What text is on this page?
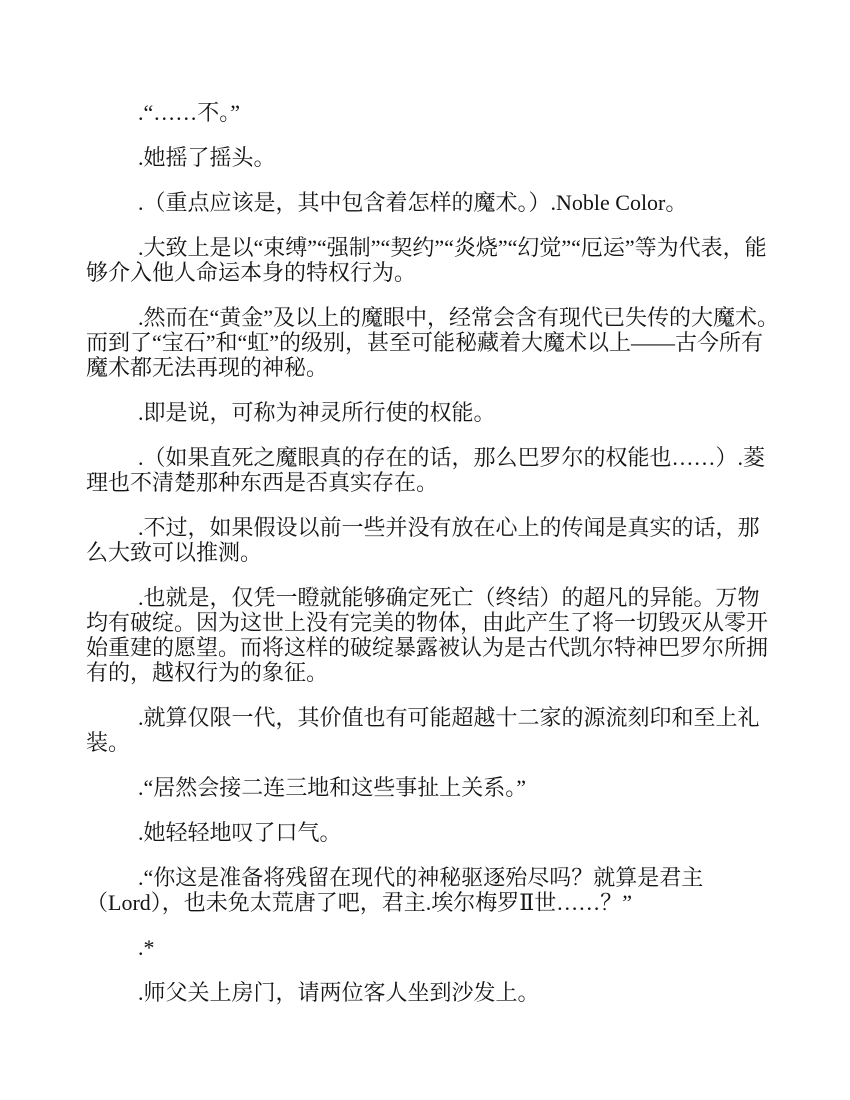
.“……不。”

.她摇了摇头。

.（重点应该是，其中包含着怎样的魔术。）.Noble Color。

.大致上是以“束缚”“强制”“契约”“炎烧”“幻觉”“厄运”等为代表，能
够介入他人命运本身的特权行为。

.然而在“黄金”及以上的魔眼中，经常会含有现代已失传的大魔术。
而到了“宝石”和“虹”的级别，甚至可能秘藏着大魔术以上——古今所有
魔术都无法再现的神秘。

.即是说，可称为神灵所行使的权能。

.（如果直死之魔眼真的存在的话，那么巴罗尔的权能也……）.菱
理也不清楚那种东西是否真实存在。

.不过，如果假设以前一些并没有放在心上的传闻是真实的话，那
么大致可以推测。

.也就是，仅凭一瞪就能够确定死亡（终结）的超凡的异能。万物
均有破绽。因为这世上没有完美的物体，由此产生了将一切毁灭从零开
始重建的愿望。而将这样的破绽暴露被认为是古代凯尔特神巴罗尔所拥
有的，越权行为的象征。

.就算仅限一代，其价值也有可能超越十二家的源流刻印和至上礼
装。

.“居然会接二连三地和这些事扯上关系。”

.她轻轻地叹了口气。

.“你这是准备将残留在现代的神秘驱逐殆尽吗？就算是君主
（Lord），也未免太荒唐了吧，君主.埃尔梅罗Ⅱ世……？”

.*

.师父关上房门，请两位客人坐到沙发上。
